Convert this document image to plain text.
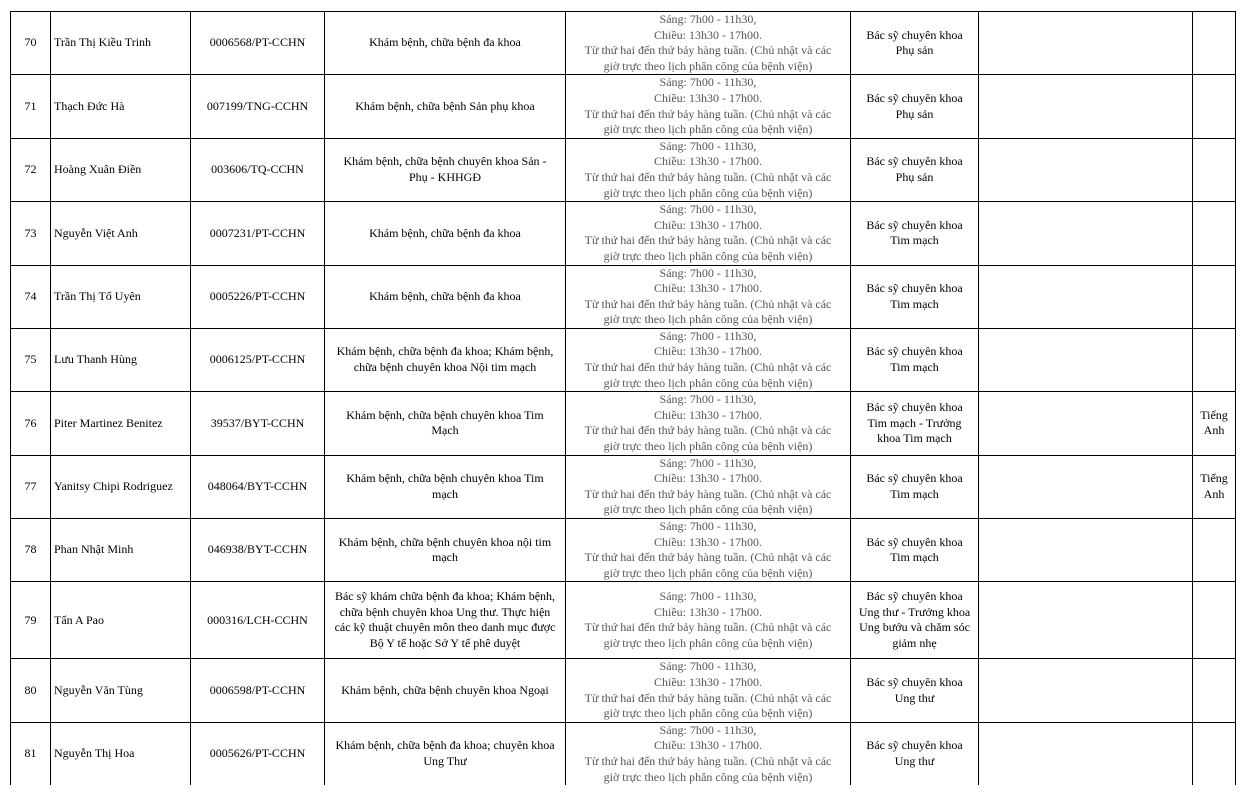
70	Trần Thị Kiều Trinh	0006568/PT-CCHN	Khám bệnh, chữa bệnh đa khoa	Sáng: 7h00 - 11h30,
Chiều: 13h30 - 17h00.
Từ thứ hai đến thứ bảy hàng tuần. (Chủ nhật và các
giờ trực theo lịch phân công của bệnh viện)	Bác sỹ chuyên khoa
Phụ sản		

71	Thạch Đức Hà	007199/TNG-CCHN	Khám bệnh, chữa bệnh Sản phụ khoa	Sáng: 7h00 - 11h30,
Chiều: 13h30 - 17h00.
Từ thứ hai đến thứ bảy hàng tuần. (Chủ nhật và các
giờ trực theo lịch phân công của bệnh viện)	Bác sỹ chuyên khoa
Phụ sản		

72	Hoàng Xuân Điền	003606/TQ-CCHN	Khám bệnh, chữa bệnh chuyên khoa Sản -
Phụ - KHHGĐ	Sáng: 7h00 - 11h30,
Chiều: 13h30 - 17h00.
Từ thứ hai đến thứ bảy hàng tuần. (Chủ nhật và các
giờ trực theo lịch phân công của bệnh viện)	Bác sỹ chuyên khoa
Phụ sản		

73	Nguyễn Việt Anh	0007231/PT-CCHN	Khám bệnh, chữa bệnh đa khoa	Sáng: 7h00 - 11h30,
Chiều: 13h30 - 17h00.
Từ thứ hai đến thứ bảy hàng tuần. (Chủ nhật và các
giờ trực theo lịch phân công của bệnh viện)	Bác sỹ chuyên khoa
Tim mạch		

74	Trần Thị Tố Uyên	0005226/PT-CCHN	Khám bệnh, chữa bệnh đa khoa	Sáng: 7h00 - 11h30,
Chiều: 13h30 - 17h00.
Từ thứ hai đến thứ bảy hàng tuần. (Chủ nhật và các
giờ trực theo lịch phân công của bệnh viện)	Bác sỹ chuyên khoa
Tim mạch		

75	Lưu Thanh Hùng	0006125/PT-CCHN	Khám bệnh, chữa bệnh đa khoa; Khám bệnh,
chữa bệnh chuyên khoa Nội tim mạch	Sáng: 7h00 - 11h30,
Chiều: 13h30 - 17h00.
Từ thứ hai đến thứ bảy hàng tuần. (Chủ nhật và các
giờ trực theo lịch phân công của bệnh viện)	Bác sỹ chuyên khoa
Tim mạch		

76	Piter Martinez Benitez	39537/BYT-CCHN	Khám bệnh, chữa bệnh chuyên khoa Tim
Mạch	Sáng: 7h00 - 11h30,
Chiều: 13h30 - 17h00.
Từ thứ hai đến thứ bảy hàng tuần. (Chủ nhật và các
giờ trực theo lịch phân công của bệnh viện)	Bác sỹ chuyên khoa
Tim mạch - Trưởng
khoa Tim mạch		Tiếng
Anh

77	Yanitsy Chipi Rodriguez	048064/BYT-CCHN	Khám bệnh, chữa bệnh chuyên khoa Tim
mạch	Sáng: 7h00 - 11h30,
Chiều: 13h30 - 17h00.
Từ thứ hai đến thứ bảy hàng tuần. (Chủ nhật và các
giờ trực theo lịch phân công của bệnh viện)	Bác sỹ chuyên khoa
Tim mạch		Tiếng
Anh

78	Phan Nhật Minh	046938/BYT-CCHN	Khám bệnh, chữa bệnh chuyên khoa nội tim
mạch	Sáng: 7h00 - 11h30,
Chiều: 13h30 - 17h00.
Từ thứ hai đến thứ bảy hàng tuần. (Chủ nhật và các
giờ trực theo lịch phân công của bệnh viện)	Bác sỹ chuyên khoa
Tim mạch		

79	Tẩn A Pao	000316/LCH-CCHN	Bác sỹ khám chữa bệnh đa khoa; Khám bệnh,
chữa bệnh chuyên khoa Ung thư. Thực hiện
các kỹ thuật chuyên môn theo danh mục được
Bộ Y tế hoặc Sở Y tế phê duyệt	Sáng: 7h00 - 11h30,
Chiều: 13h30 - 17h00.
Từ thứ hai đến thứ bảy hàng tuần. (Chủ nhật và các
giờ trực theo lịch phân công của bệnh viện)	Bác sỹ chuyên khoa
Ung thư - Trưởng khoa
Ung bướu và chăm sóc
giảm nhẹ		

80	Nguyễn Văn Tùng	0006598/PT-CCHN	Khám bệnh, chữa bệnh chuyên khoa Ngoại	Sáng: 7h00 - 11h30,
Chiều: 13h30 - 17h00.
Từ thứ hai đến thứ bảy hàng tuần. (Chủ nhật và các
giờ trực theo lịch phân công của bệnh viện)	Bác sỹ chuyên khoa
Ung thư		

81	Nguyễn Thị Hoa	0005626/PT-CCHN	Khám bệnh, chữa bệnh đa khoa; chuyên khoa
Ung Thư	Sáng: 7h00 - 11h30,
Chiều: 13h30 - 17h00.
Từ thứ hai đến thứ bảy hàng tuần. (Chủ nhật và các
giờ trực theo lịch phân công của bệnh viện)	Bác sỹ chuyên khoa
Ung thư		
